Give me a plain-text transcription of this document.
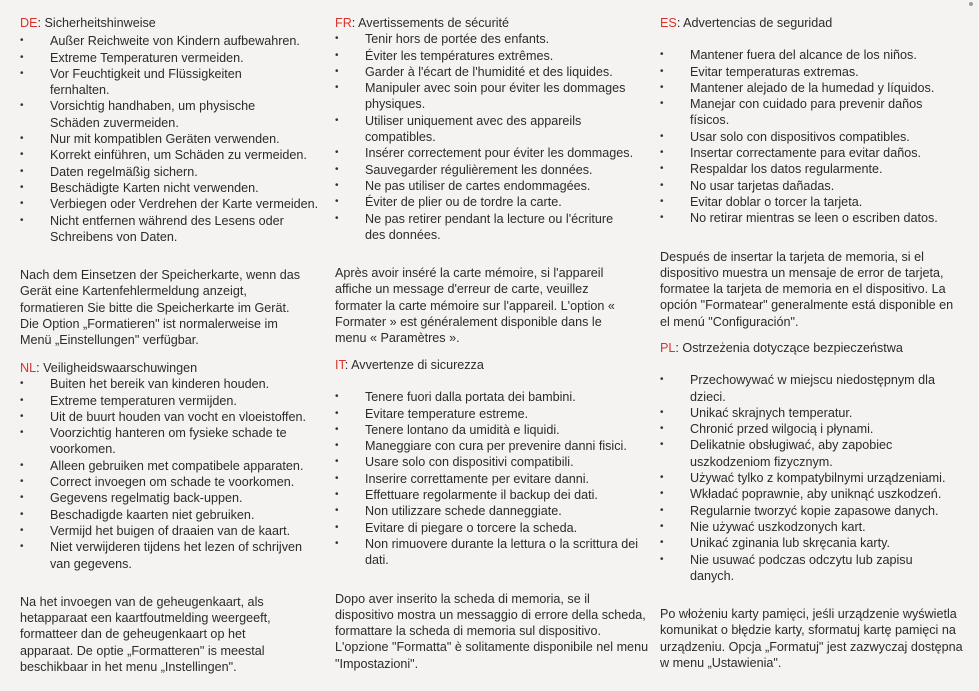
DE: Sicherheitshinweise
• Außer Reichweite von Kindern aufbewahren.
• Extreme Temperaturen vermeiden.
• Vor Feuchtigkeit und Flüssigkeiten fernhalten.
• Vorsichtig handhaben, um physische Schäden zuvermeiden.
• Nur mit kompatiblen Geräten verwenden.
• Korrekt einführen, um Schäden zu vermeiden.
• Daten regelmäßig sichern.
• Beschädigte Karten nicht verwenden.
• Verbiegen oder Verdrehen der Karte vermeiden.
• Nicht entfernen während des Lesens oder Schreibens von Daten.

Nach dem Einsetzen der Speicherkarte, wenn das Gerät eine Kartenfehlermeldung anzeigt, formatieren Sie bitte die Speicherkarte im Gerät. Die Option „Formatieren" ist normalerweise im Menü „Einstellungen" verfügbar.

NL: Veiligheidswaarschuwingen
• Buiten het bereik van kinderen houden.
• Extreme temperaturen vermijden.
• Uit de buurt houden van vocht en vloeistoffen.
• Voorzichtig hanteren om fysieke schade te voorkomen.
• Alleen gebruiken met compatibele apparaten.
• Correct invoegen om schade te voorkomen.
• Gegevens regelmatig back-uppen.
• Beschadigde kaarten niet gebruiken.
• Vermijd het buigen of draaien van de kaart.
• Niet verwijderen tijdens het lezen of schrijven van gegevens.

Na het invoegen van de geheugenkaart, als hetapparaat een kaartfoutmelding weergeeft, formatteer dan de geheugenkaart op het apparaat. De optie „Formatteren" is meestal beschikbaar in het menu „Instellingen".

FR: Avertissements de sécurité
• Tenir hors de portée des enfants.
• Éviter les températures extrêmes.
• Garder à l'écart de l'humidité et des liquides.
• Manipuler avec soin pour éviter les dommages physiques.
• Utiliser uniquement avec des appareils compatibles.
• Insérer correctement pour éviter les dommages.
• Sauvegarder régulièrement les données.
• Ne pas utiliser de cartes endommagées.
• Éviter de plier ou de tordre la carte.
• Ne pas retirer pendant la lecture ou l'écriture des données.

Après avoir inséré la carte mémoire, si l'appareil affiche un message d'erreur de carte, veuillez formater la carte mémoire sur l'appareil. L'option « Formater » est généralement disponible dans le menu « Paramètres ».

IT: Avvertenze di sicurezza
• Tenere fuori dalla portata dei bambini.
• Evitare temperature estreme.
• Tenere lontano da umidità e liquidi.
• Maneggiare con cura per prevenire danni fisici.
• Usare solo con dispositivi compatibili.
• Inserire correttamente per evitare danni.
• Effettuare regolarmente il backup dei dati.
• Non utilizzare schede danneggiate.
• Evitare di piegare o torcere la scheda.
• Non rimuovere durante la lettura o la scrittura dei dati.

Dopo aver inserito la scheda di memoria, se il dispositivo mostra un messaggio di errore della scheda, formattare la scheda di memoria sul dispositivo. L'opzione "Formatta" è solitamente disponibile nel menu "Impostazioni".

ES: Advertencias de seguridad
• Mantener fuera del alcance de los niños.
• Evitar temperaturas extremas.
• Mantener alejado de la humedad y líquidos.
• Manejar con cuidado para prevenir daños físicos.
• Usar solo con dispositivos compatibles.
• Insertar correctamente para evitar daños.
• Respaldar los datos regularmente.
• No usar tarjetas dañadas.
• Evitar doblar o torcer la tarjeta.
• No retirar mientras se leen o escriben datos.

Después de insertar la tarjeta de memoria, si el dispositivo muestra un mensaje de error de tarjeta, formatee la tarjeta de memoria en el dispositivo. La opción "Formatear" generalmente está disponible en el menú "Configuración".

PL: Ostrzeżenia dotyczące bezpieczeństwa
• Przechowywać w miejscu niedostępnym dla dzieci.
• Unikać skrajnych temperatur.
• Chronić przed wilgocią i płynami.
• Delikatnie obsługiwać, aby zapobiec uszkodzeniom fizycznym.
• Używać tylko z kompatybilnymi urządzeniami.
• Wkładać poprawnie, aby uniknąć uszkodzeń.
• Regularnie tworzyć kopie zapasowe danych.
• Nie używać uszkodzonych kart.
• Unikać zginania lub skręcania karty.
• Nie usuwać podczas odczytu lub zapisu danych.

Po włożeniu karty pamięci, jeśli urządzenie wyświetla komunikat o błędzie karty, sformatuj kartę pamięci na urządzeniu. Opcja „Formatuj" jest zazwyczaj dostępna w menu „Ustawienia".
